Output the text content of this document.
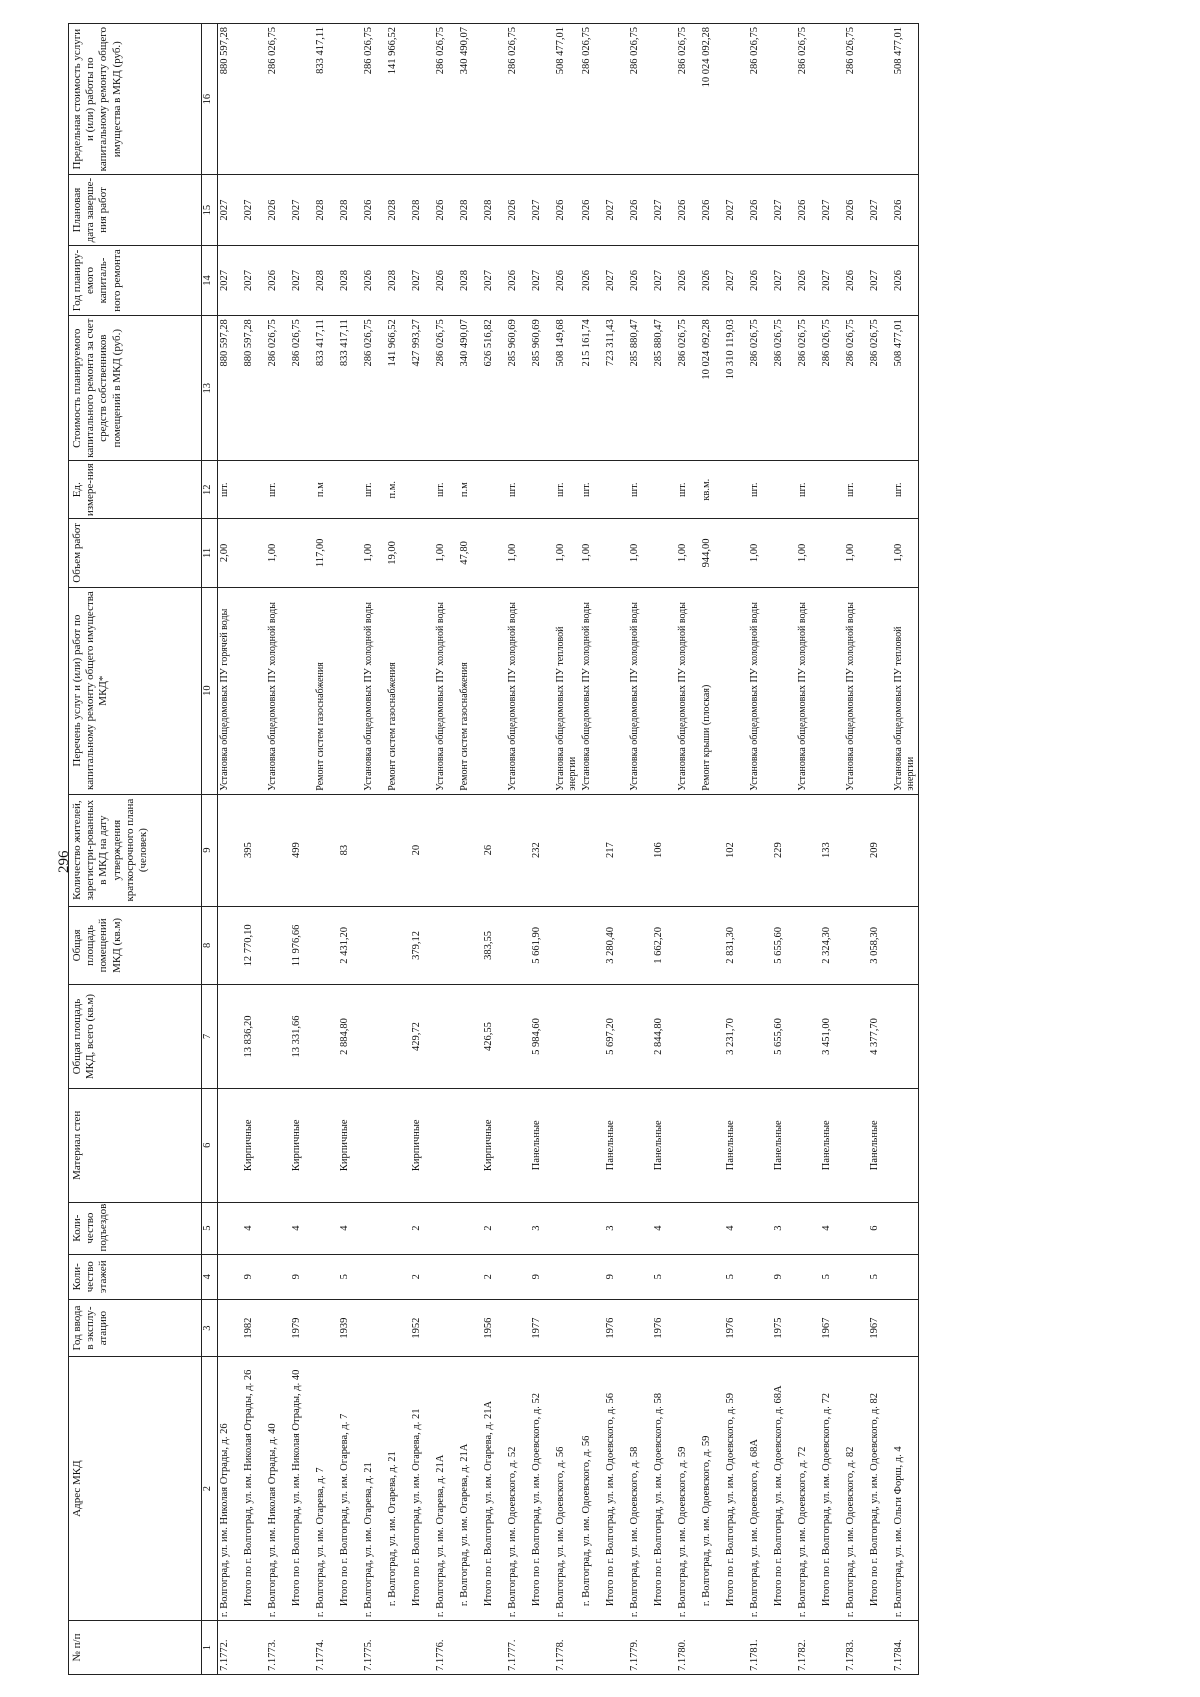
296
№ п/п	Адрес МКД	Год ввода в эксплу-атацию	Коли-чество этажей	Коли-чество подъездов	Материал стен	Общая площадь МКД, всего (кв.м)	Общая площадь помещений МКД (кв.м)	Количество жителей, зарегистри-рованных в МКД на дату утверждения краткосрочного плана (человек)	Перечень услуг и (или) работ по капитальному ремонту общего имущества МКД*	Объем работ	Ед. измере-ния	Стоимость планируемого капитального ремонта за счет средств собственников помещений в МКД (руб.)	Год планиру-емого капиталь-ного ремонта	Плановая дата заверше-ния работ	Предельная стоимость услуги и (или) работы по капитальному ремонту общего имущества в МКД (руб.)
1	2	3	4	5	6	7	8	9	10	11	12	13	14	15	16
7.1772.	г. Волгоград, ул. им. Николая Отрады, д. 26								Установка общедомовых ПУ горячей воды	2,00	шт.	880 597,28	2027	2027	880 597,28
	Итого по г. Волгоград, ул. им. Николая Отрады, д. 26	1982	9	4	Кирпичные	13 836,20	12 770,10	395				880 597,28	2027	2027	
7.1773.	г. Волгоград, ул. им. Николая Отрады, д. 40								Установка общедомовых ПУ холодной воды	1,00	шт.	286 026,75	2026	2026	286 026,75
	Итого по г. Волгоград, ул. им. Николая Отрады, д. 40	1979	9	4	Кирпичные	13 331,66	11 976,66	499				286 026,75	2027	2027	
7.1774.	г. Волгоград, ул. им. Огарева, д. 7								Ремонт систем газоснабжения	117,00	п.м	833 417,11	2028	2028	833 417,11
	Итого по г. Волгоград, ул. им. Огарева, д. 7	1939	5	4	Кирпичные	2 884,80	2 431,20	83				833 417,11	2028	2028	
7.1775.	г. Волгоград, ул. им. Огарева, д. 21								Установка общедомовых ПУ холодной воды	1,00	шт.	286 026,75	2026	2026	286 026,75
	г. Волгоград, ул. им. Огарева, д. 21								Ремонт систем газоснабжения	19,00	п.м.	141 966,52	2028	2028	141 966,52
	Итого по г. Волгоград, ул. им. Огарева, д. 21	1952	2	2	Кирпичные	429,72	379,12	20				427 993,27	2027	2028	
7.1776.	г. Волгоград, ул. им. Огарева, д. 21А								Установка общедомовых ПУ холодной воды	1,00	шт.	286 026,75	2026	2026	286 026,75
	г. Волгоград, ул. им. Огарева, д. 21А								Ремонт систем газоснабжения	47,80	п.м	340 490,07	2028	2028	340 490,07
	Итого по г. Волгоград, ул. им. Огарева, д. 21А	1956	2	2	Кирпичные	426,55	383,55	26				626 516,82	2027	2028	
7.1777.	г. Волгоград, ул. им. Одоевского, д. 52								Установка общедомовых ПУ холодной воды	1,00	шт.	285 960,69	2026	2026	286 026,75
	Итого по г. Волгоград, ул. им. Одоевского, д. 52	1977	9	3	Панельные	5 984,60	5 661,90	232				285 960,69	2027	2027	
7.1778.	г. Волгоград, ул. им. Одоевского, д. 56								Установка общедомовых ПУ тепловой энергии	1,00	шт.	508 149,68	2026	2026	508 477,01
	г. Волгоград, ул. им. Одоевского, д. 56								Установка общедомовых ПУ холодной воды	1,00	шт.	215 161,74	2026	2026	286 026,75
	Итого по г. Волгоград, ул. им. Одоевского, д. 56	1976	9	3	Панельные	5 697,20	3 280,40	217				723 311,43	2027	2027	
7.1779.	г. Волгоград, ул. им. Одоевского, д. 58								Установка общедомовых ПУ холодной воды	1,00	шт.	285 880,47	2026	2026	286 026,75
	Итого по г. Волгоград, ул. им. Одоевского, д. 58	1976	5	4	Панельные	2 844,80	1 662,20	106				285 880,47	2027	2027	
7.1780.	г. Волгоград, ул. им. Одоевского, д. 59								Установка общедомовых ПУ холодной воды	1,00	шт.	286 026,75	2026	2026	286 026,75
	г. Волгоград, ул. им. Одоевского, д. 59								Ремонт крыши (плоская)	944,00	кв.м.	10 024 092,28	2026	2026	10 024 092,28
	Итого по г. Волгоград, ул. им. Одоевского, д. 59	1976	5	4	Панельные	3 231,70	2 831,30	102				10 310 119,03	2027	2027	
7.1781.	г. Волгоград, ул. им. Одоевского, д. 68А								Установка общедомовых ПУ холодной воды	1,00	шт.	286 026,75	2026	2026	286 026,75
	Итого по г. Волгоград, ул. им. Одоевского, д. 68А	1975	9	3	Панельные	5 655,60	5 655,60	229				286 026,75	2027	2027	
7.1782.	г. Волгоград, ул. им. Одоевского, д. 72								Установка общедомовых ПУ холодной воды	1,00	шт.	286 026,75	2026	2026	286 026,75
	Итого по г. Волгоград, ул. им. Одоевского, д. 72	1967	5	4	Панельные	3 451,00	2 324,30	133				286 026,75	2027	2027	
7.1783.	г. Волгоград, ул. им. Одоевского, д. 82								Установка общедомовых ПУ холодной воды	1,00	шт.	286 026,75	2026	2026	286 026,75
	Итого по г. Волгоград, ул. им. Одоевского, д. 82	1967	5	6	Панельные	4 377,70	3 058,30	209				286 026,75	2027	2027	
7.1784.	г. Волгоград, ул. им. Ольги Форш, д. 4								Установка общедомовых ПУ тепловой энергии	1,00	шт.	508 477,01	2026	2026	508 477,01
